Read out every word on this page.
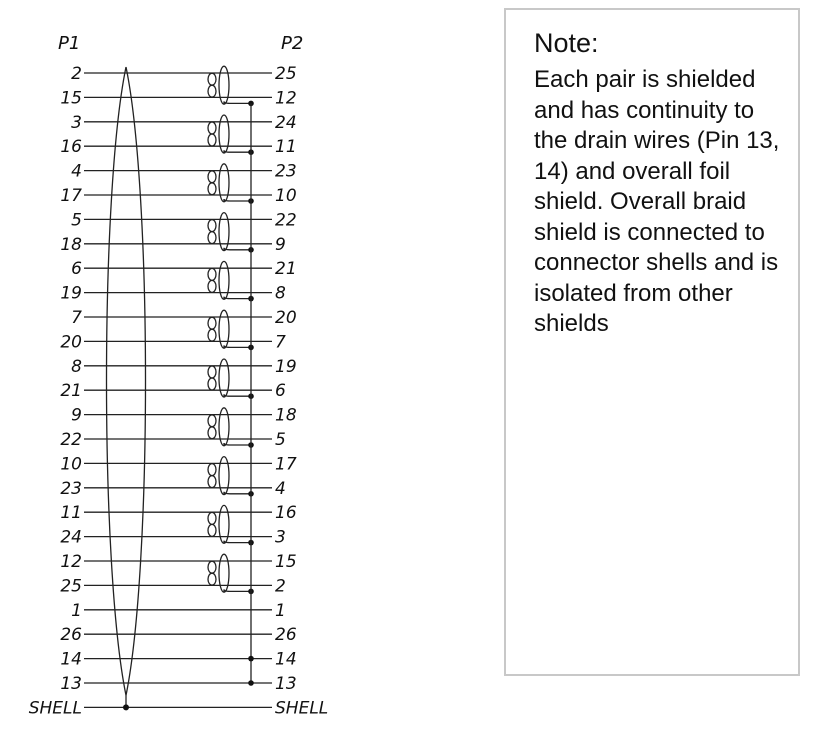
P1	P2
2	25
15	12
3	24
16	11
4	23
17	10
5	22
18	9
6	21
19	8
7	20
20	7
8	19
21	6
9	18
22	5
10	17
23	4
11	16
24	3
12	15
25	2
1	1
26	26
14	14
13	13
SHELL	SHELL
Note:
Each pair is shielded and has continuity to the drain wires (Pin 13, 14) and overall foil shield. Overall braid shield is connected to connector shells and is isolated from other shields
